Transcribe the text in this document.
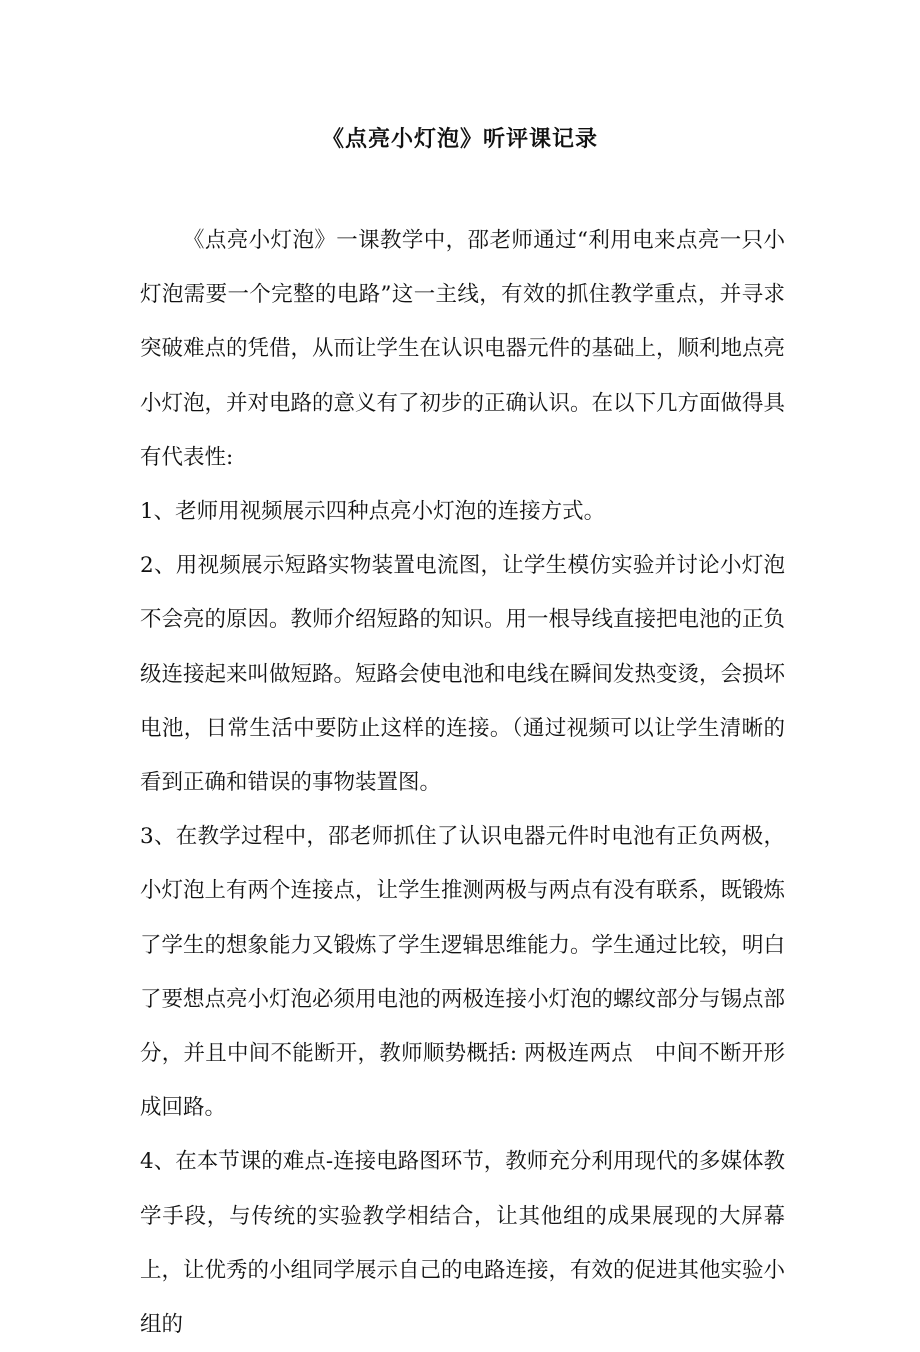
《点亮小灯泡》听评课记录

《点亮小灯泡》一课教学中，邵老师通过“利用电来点亮一只小灯泡需要一个完整的电路”这一主线，有效的抓住教学重点，并寻求突破难点的凭借，从而让学生在认识电器元件的基础上，顺利地点亮小灯泡，并对电路的意义有了初步的正确认识。在以下几方面做得具有代表性:

1、老师用视频展示四种点亮小灯泡的连接方式。

2、用视频展示短路实物装置电流图，让学生模仿实验并讨论小灯泡不会亮的原因。教师介绍短路的知识。用一根导线直接把电池的正负级连接起来叫做短路。短路会使电池和电线在瞬间发热变烫，会损坏电池，日常生活中要防止这样的连接。（通过视频可以让学生清晰的看到正确和错误的事物装置图。

3、在教学过程中，邵老师抓住了认识电器元件时电池有正负两极，小灯泡上有两个连接点，让学生推测两极与两点有没有联系，既锻炼了学生的想象能力又锻炼了学生逻辑思维能力。学生通过比较，明白了要想点亮小灯泡必须用电池的两极连接小灯泡的螺纹部分与锡点部分，并且中间不能断开，教师顺势概括: 两极连两点　中间不断开形成回路。

4、在本节课的难点-连接电路图环节，教师充分利用现代的多媒体教学手段，与传统的实验教学相结合，让其他组的成果展现的大屏幕上，让优秀的小组同学展示自己的电路连接，有效的促进其他实验小组的
